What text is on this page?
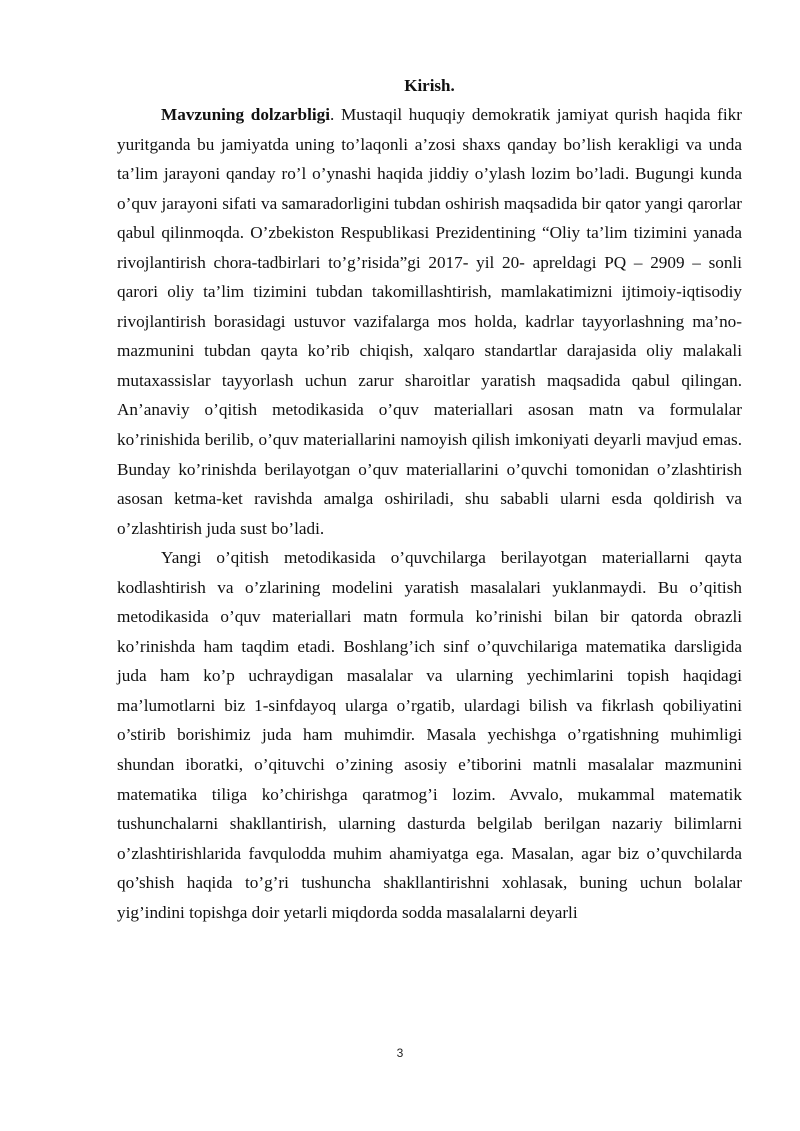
Kirish.

Mavzuning dolzarbligi. Mustaqil huquqiy demokratik jamiyat qurish haqida fikr yuritganda bu jamiyatda uning to’laqonli a’zosi shaxs qanday bo’lish kerakligi va unda ta’lim jarayoni qanday ro’l o’ynashi haqida jiddiy o’ylash lozim bo’ladi. Bugungi kunda o’quv jarayoni sifati va samaradorligini tubdan oshirish maqsadida bir qator yangi qarorlar qabul qilinmoqda. O’zbekiston Respublikasi Prezidentining “Oliy ta’lim tizimini yanada rivojlantirish chora-tadbirlari to’g’risida”gi 2017- yil 20- apreldagi PQ – 2909 – sonli qarori oliy ta’lim tizimini tubdan takomillashtirish, mamlakatimizni ijtimoiy-iqtisodiy rivojlantirish borasidagi ustuvor vazifalarga mos holda, kadrlar tayyorlashning ma’no-mazmunini tubdan qayta ko’rib chiqish, xalqaro standartlar darajasida oliy malakali mutaxassislar tayyorlash uchun zarur sharoitlar yaratish maqsadida qabul qilingan. An’anaviy o’qitish metodikasida o’quv materiallari asosan matn va formulalar ko’rinishida berilib, o’quv materiallarini namoyish qilish imkoniyati deyarli mavjud emas. Bunday ko’rinishda berilayotgan o’quv materiallarini o’quvchi tomonidan o’zlashtirish asosan ketma-ket ravishda amalga oshiriladi, shu sababli ularni esda qoldirish va o’zlashtirish juda sust bo’ladi.

Yangi o’qitish metodikasida o’quvchilarga berilayotgan materiallarni qayta kodlashtirish va o’zlarining modelini yaratish masalalari yuklanmaydi. Bu o’qitish metodikasida o’quv materiallari matn formula ko’rinishi bilan bir qatorda obrazli ko’rinishda ham taqdim etadi. Boshlang’ich sinf o’quvchilariga matematika darsligida juda ham ko’p uchraydigan masalalar va ularning yechimlarini topish haqidagi ma’lumotlarni biz 1-sinfdayoq ularga o’rgatib, ulardagi bilish va fikrlash qobiliyatini o’stirib borishimiz juda ham muhimdir. Masala yechishga o’rgatishning muhimligi shundan iboratki, o’qituvchi o’zining asosiy e’tiborini matnli masalalar mazmunini matematika tiliga ko’chirishga qaratmog’i lozim. Avvalo, mukammal matematik tushunchalarni shakllantirish, ularning dasturda belgilab berilgan nazariy bilimlarni o’zlashtirishlarida favqulodda muhim ahamiyatga ega. Masalan, agar biz o’quvchilarda qo’shish haqida to’g’ri tushuncha shakllantirishni xohlasak, buning uchun bolalar yig’indini topishga doir yetarli miqdorda sodda masalalarni deyarli

3
